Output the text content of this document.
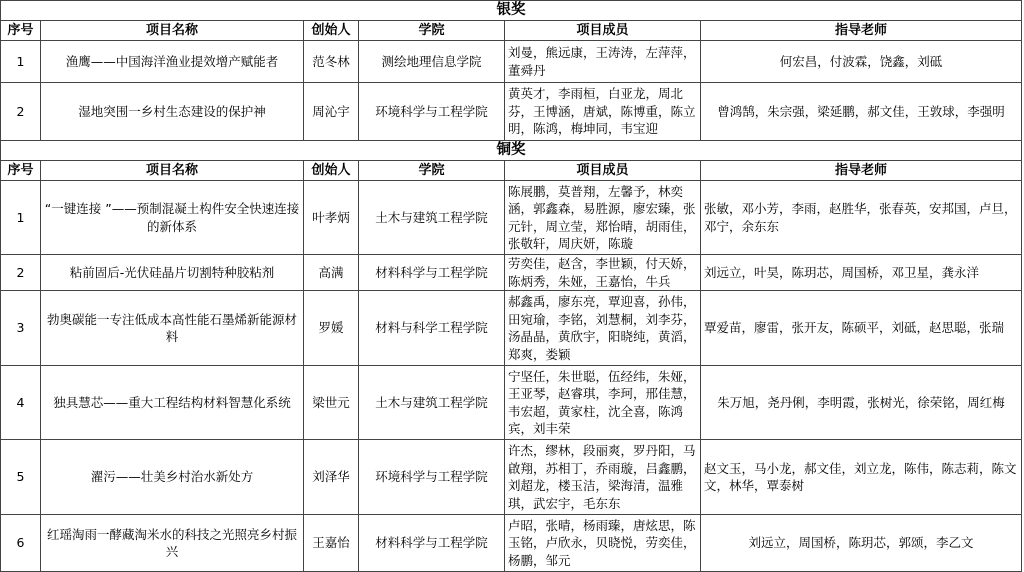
银奖					
序号	项目名称	创始人	学院	项目成员	指导老师
1	渔鹰——中国海洋渔业提效增产赋能者	范冬林	测绘地理信息学院	刘曼，熊远康，王涛涛，左萍萍，董舜丹	何宏昌，付波霖，饶鑫，刘砥
2	湿地突围一乡村生态建设的保护神	周沁宇	环境科学与工程学院	黄英才，李雨桓，白亚龙，周北芬，王博涵，唐斌，陈博重，陈立明，陈鸿，梅坤同，韦宝迎	曾鸿鹄，朱宗强，梁延鹏，郝文佳，王敦球，李强明
铜奖					
序号	项目名称	创始人	学院	项目成员	指导老师
1	“一键连接 ”——预制混凝土构件安全快速连接的新体系	叶孝炳	土木与建筑工程学院	陈展鹏，莫普翔，左馨予，林奕涵，郭鑫森，易胜源，廖宏臻，张元针，周立莹，郑怡晴，胡雨佳，张敬轩，周庆妍，陈璇	张敏，邓小芳，李雨，赵胜华，张春英，安邦国，卢旦，邓宁，余东东
2	粘前固后-光伏硅晶片切割特种胶粘剂	高满	材料科学与工程学院	劳奕佳，赵含，李世颖，付天娇，陈炳秀，朱娅，王嘉怡，牛兵	刘远立，叶昊，陈玥芯，周国桥，邓卫星，龚永洋
3	勃奥碳能一专注低成本高性能石墨烯新能源材料	罗媛	材料与科学工程学院	郝鑫禹，廖东亮，覃迎喜，孙伟，田宛瑜，李铭，刘慧桐，刘李芬，汤晶晶，黄欣宇，阳晓纯，黄滔，郑爽，娄颖	覃爱苗，廖雷，张开友，陈硕平，刘砥，赵思聪，张瑞
4	独具慧芯——重大工程结构材料智慧化系统	梁世元	土木与建筑工程学院	宁坚任，朱世聪，伍经纬，朱娅，王亚琴，赵睿琪，李珂，邢佳慧，韦宏超，黄家柱，沈全喜，陈鸿宾，刘丰荣	朱万旭，尧丹俐，李明霞，张树光，徐荣铭，周红梅
5	濯污——壮美乡村治水新处方	刘泽华	环境科学与工程学院	许杰，缪林，段丽爽，罗丹阳，马啟翔，苏相丁，乔雨璇，吕鑫鹏，刘超龙，楼玉洁，梁海清，温雅琪，武宏宇，毛东东	赵文玉，马小龙，郝文佳，刘立龙，陈伟，陈志莉，陈文文，林华，覃泰树
6	红瑶淘雨一酵藏淘米水的科技之光照亮乡村振兴	王嘉怡	材料科学与工程学院	卢昭，张晴，杨雨臻，唐炫思，陈玉铭，卢欣永，贝晓悦，劳奕佳，杨鹏，邹元	刘远立，周国桥，陈玥芯，郭颂，李乙文
